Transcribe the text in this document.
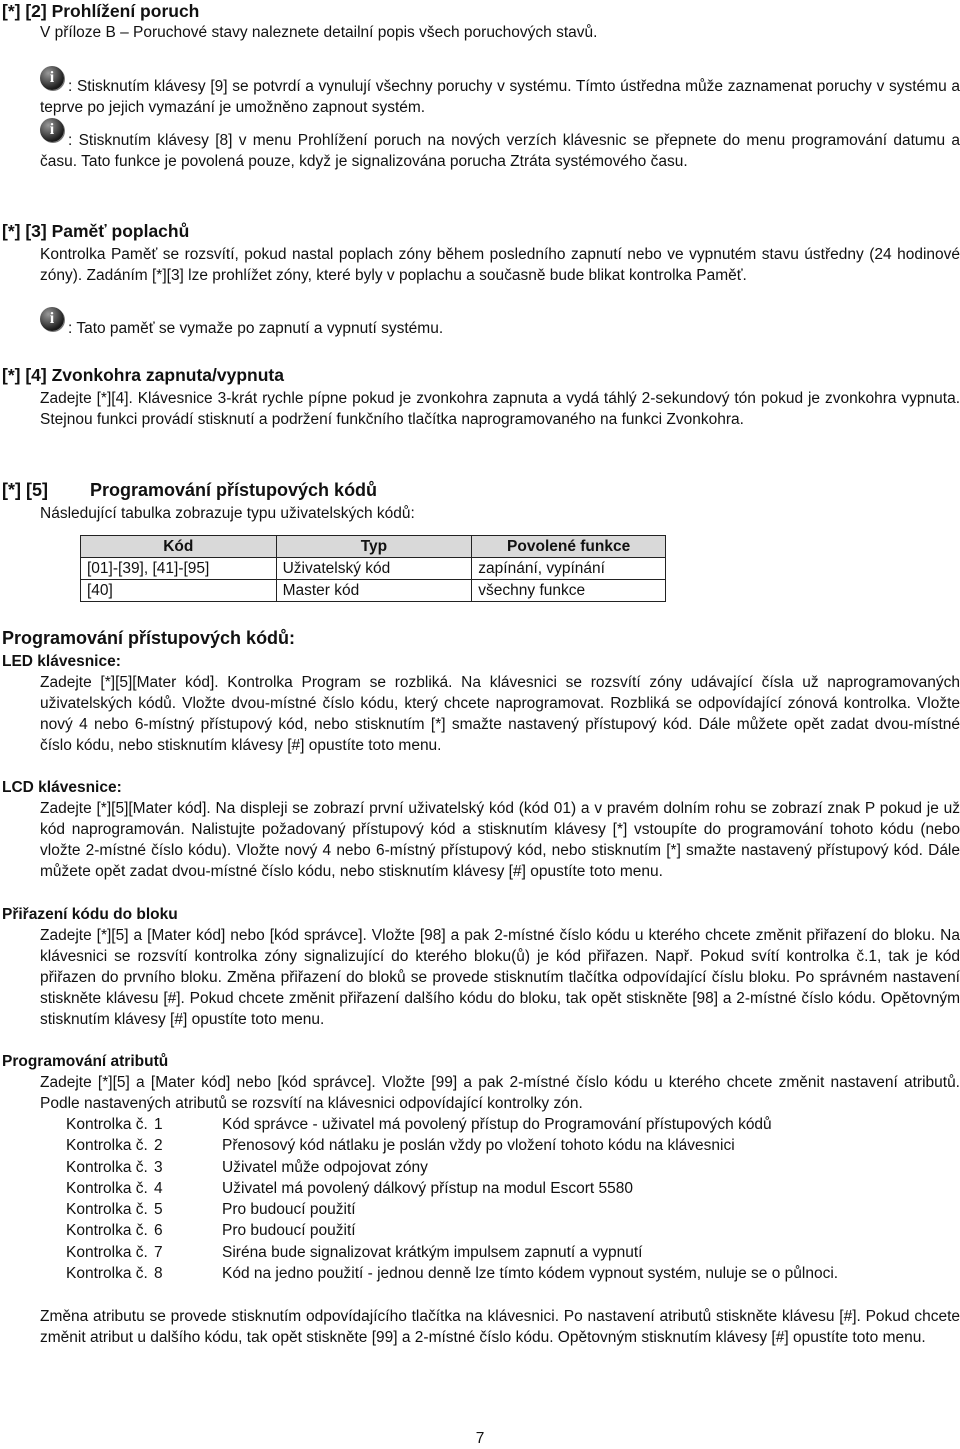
[*] [2] Prohlížení poruch
V příloze B – Poruchové stavy naleznete detailní popis všech poruchových stavů.
i
: Stisknutím klávesy [9] se potvrdí a vynulují všechny poruchy v systému. Tímto ústředna může zaznamenat poruchy v systému a teprve po jejich vymazání je umožněno zapnout systém.
i
: Stisknutím klávesy [8] v menu Prohlížení poruch na nových verzích klávesnic se přepnete do menu programování datumu a času. Tato funkce je povolená pouze, když je signalizována porucha Ztráta systémového času.
[*] [3] Paměť poplachů
Kontrolka Paměť se rozsvítí, pokud nastal poplach zóny během posledního zapnutí nebo ve vypnutém stavu ústředny (24 hodinové zóny). Zadáním [*][3] lze prohlížet zóny, které byly v poplachu a současně bude blikat kontrolka Paměť.
i
: Tato paměť se vymaže po zapnutí a vypnutí systému.
[*] [4] Zvonkohra zapnuta/vypnuta
Zadejte [*][4]. Klávesnice 3-krát rychle pípne pokud je zvonkohra zapnuta a vydá táhlý 2-sekundový tón pokud je zvonkohra vypnuta. Stejnou funkci provádí stisknutí a podržení funkčního tlačítka naprogramovaného na funkci Zvonkohra.
[*] [5] Programování přístupových kódů
Následující tabulka zobrazuje typu uživatelských kódů:
Kód	Typ	Povolené funkce
[01]-[39], [41]-[95]	Uživatelský kód	zapínání, vypínání
[40]	Master kód	všechny funkce
Programování přístupových kódů:
LED klávesnice:
Zadejte [*][5][Mater kód]. Kontrolka Program se rozbliká. Na klávesnici se rozsvítí zóny udávající čísla už naprogramovaných uživatelských kódů. Vložte dvou-místné číslo kódu, který chcete naprogramovat. Rozbliká se odpovídající zónová kontrolka. Vložte nový 4 nebo 6-místný přístupový kód, nebo stisknutím [*] smažte nastavený přístupový kód. Dále můžete opět zadat dvou-místné číslo kódu, nebo stisknutím klávesy [#] opustíte toto menu.
LCD klávesnice:
Zadejte [*][5][Mater kód]. Na displeji se zobrazí první uživatelský kód (kód 01) a v pravém dolním rohu se zobrazí znak P pokud je už kód naprogramován. Nalistujte požadovaný přístupový kód a stisknutím klávesy [*] vstoupíte do programování tohoto kódu (nebo vložte 2-místné číslo kódu). Vložte nový 4 nebo 6-místný přístupový kód, nebo stisknutím [*] smažte nastavený přístupový kód. Dále můžete opět zadat dvou-místné číslo kódu, nebo stisknutím klávesy [#] opustíte toto menu.
Přiřazení kódu do bloku
Zadejte [*][5] a [Mater kód] nebo [kód správce]. Vložte [98] a pak 2-místné číslo kódu u kterého chcete změnit přiřazení do bloku. Na klávesnici se rozsvítí kontrolka zóny signalizující do kterého bloku(ů) je kód přiřazen. Např. Pokud svítí kontrolka č.1, tak je kód přiřazen do prvního bloku. Změna přiřazení do bloků se provede stisknutím tlačítka odpovídající číslu bloku. Po správném nastavení stiskněte klávesu [#]. Pokud chcete změnit přiřazení dalšího kódu do bloku, tak opět stiskněte [98] a 2-místné číslo kódu. Opětovným stisknutím klávesy [#] opustíte toto menu.
Programování atributů
Zadejte [*][5] a [Mater kód] nebo [kód správce]. Vložte [99] a pak 2-místné číslo kódu u kterého chcete změnit nastavení atributů. Podle nastavených atributů se rozsvítí na klávesnici odpovídající kontrolky zón.
Kontrolka č.	1	Kód správce - uživatel má povolený přístup do Programování přístupových kódů
Kontrolka č.	2	Přenosový kód nátlaku je poslán vždy po vložení tohoto kódu na klávesnici
Kontrolka č.	3	Uživatel může odpojovat zóny
Kontrolka č.	4	Uživatel má povolený dálkový přístup na modul Escort 5580
Kontrolka č.	5	Pro budoucí použití
Kontrolka č.	6	Pro budoucí použití
Kontrolka č.	7	Siréna bude signalizovat krátkým impulsem zapnutí a vypnutí
Kontrolka č.	8	Kód na jedno použití - jednou denně lze tímto kódem vypnout systém, nuluje se o půlnoci.
Změna atributu se provede stisknutím odpovídajícího tlačítka na klávesnici. Po nastavení atributů stiskněte klávesu [#]. Pokud chcete změnit atribut u dalšího kódu, tak opět stiskněte [99] a 2-místné číslo kódu. Opětovným stisknutím klávesy [#] opustíte toto menu.
7
